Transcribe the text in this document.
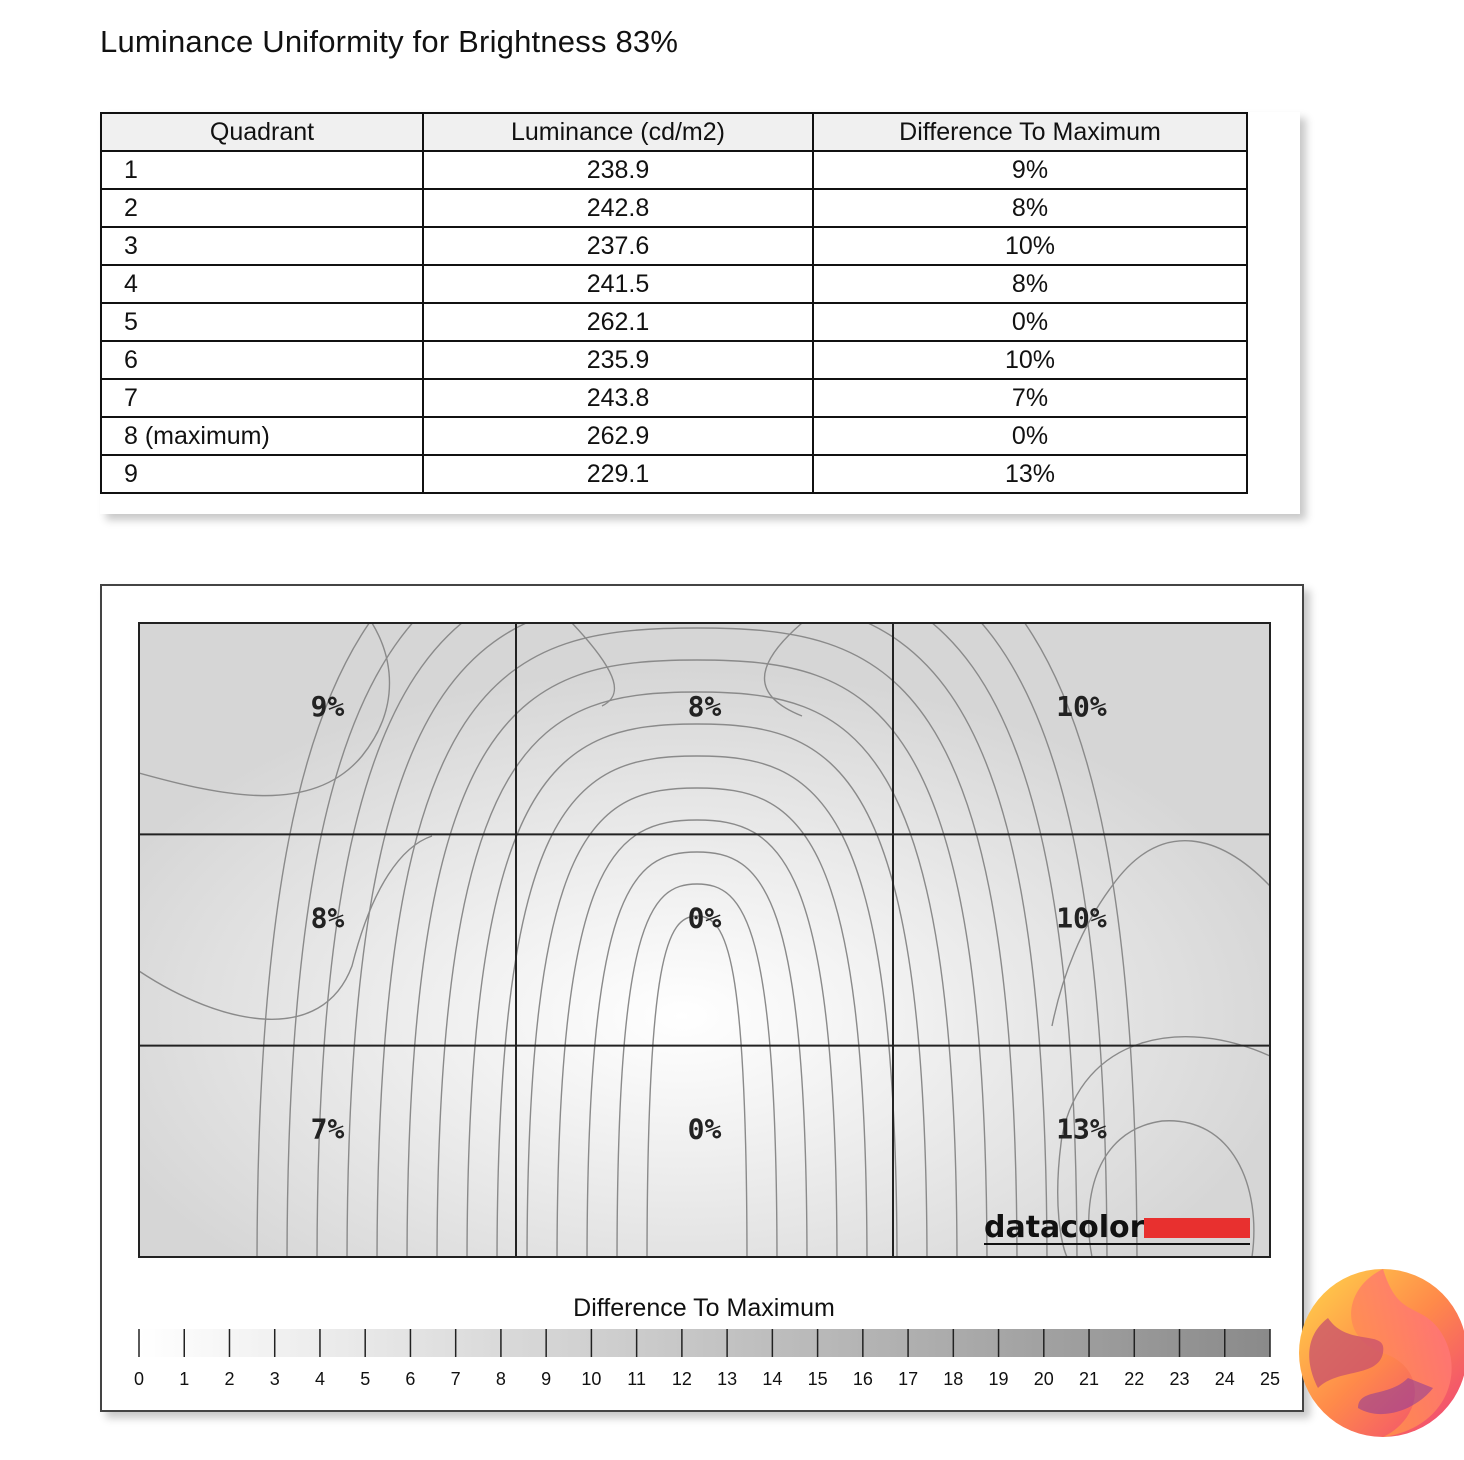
Luminance Uniformity for Brightness 83%
Quadrant	Luminance (cd/m2)	Difference To Maximum
1	238.9	9%
2	242.8	8%
3	237.6	10%
4	241.5	8%
5	262.1	0%
6	235.9	10%
7	243.8	7%
8 (maximum)	262.9	0%
9	229.1	13%
9%	8%	10%
8%	0%	10%
7%	0%	13%
datacolor
Difference To Maximum
0 1 2 3 4 5 6 7 8 9 10 11 12 13 14 15 16 17 18 19 20 21 22 23 24 25
